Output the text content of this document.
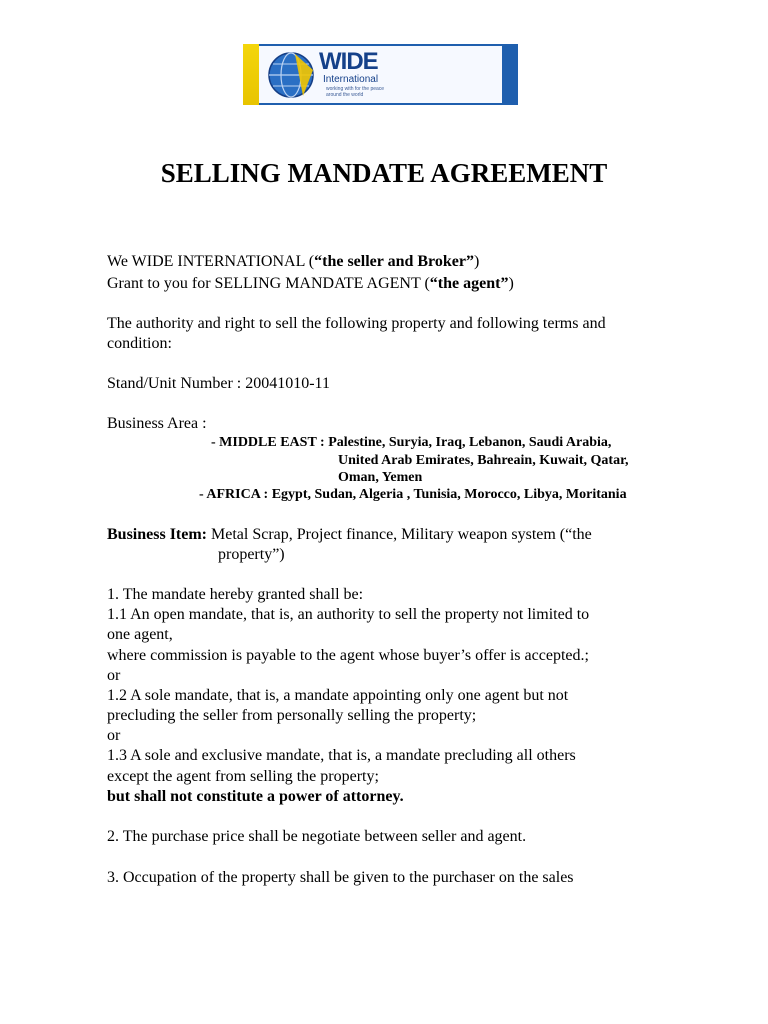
WIDE
International
working with for the peace around the world
SELLING MANDATE AGREEMENT
We WIDE INTERNATIONAL (“the seller and Broker”)
Grant to you for SELLING MANDATE AGENT (“the agent”)
The authority and right to sell the following property and following terms and
condition:
Stand/Unit Number : 20041010-11
Business Area :
- MIDDLE EAST : Palestine, Suryia, Iraq, Lebanon, Saudi Arabia,
United Arab Emirates, Bahreain, Kuwait, Qatar,
Oman, Yemen
- AFRICA : Egypt, Sudan, Algeria , Tunisia, Morocco, Libya, Moritania
Business Item: Metal Scrap, Project finance, Military weapon system (“the
property”)
1. The mandate hereby granted shall be:
1.1 An open mandate, that is, an authority to sell the property not limited to
one agent,
where commission is payable to the agent whose buyer’s offer is accepted.;
or
1.2 A sole mandate, that is, a mandate appointing only one agent but not
precluding the seller from personally selling the property;
or
1.3 A sole and exclusive mandate, that is, a mandate precluding all others
except the agent from selling the property;
but shall not constitute a power of attorney.
2. The purchase price shall be negotiate between seller and agent.
3. Occupation of the property shall be given to the purchaser on the sales
